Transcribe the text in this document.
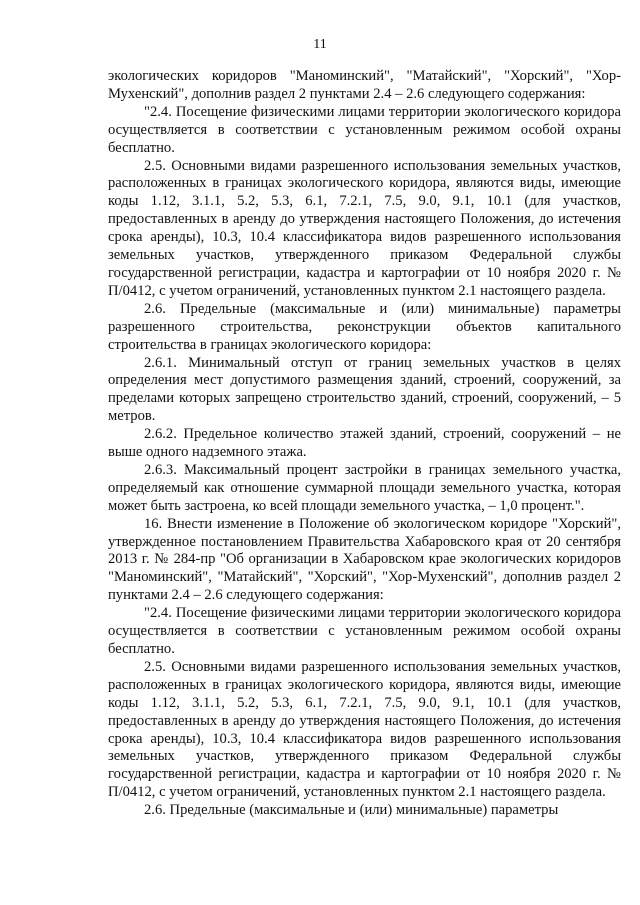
11

экологических коридоров "Маноминский", "Матайский", "Хорский", "Хор-Мухенский", дополнив раздел 2 пунктами 2.4 – 2.6 следующего содержания:

"2.4. Посещение физическими лицами территории экологического коридора осуществляется в соответствии с установленным режимом особой охраны бесплатно.

2.5. Основными видами разрешенного использования земельных участков, расположенных в границах экологического коридора, являются виды, имеющие коды 1.12, 3.1.1, 5.2, 5.3, 6.1, 7.2.1, 7.5, 9.0, 9.1, 10.1 (для участков, предоставленных в аренду до утверждения настоящего Положения, до истечения срока аренды), 10.3, 10.4 классификатора видов разрешенного использования земельных участков, утвержденного приказом Федеральной службы государственной регистрации, кадастра и картографии от 10 ноября 2020 г. № П/0412, с учетом ограничений, установленных пунктом 2.1 настоящего раздела.

2.6. Предельные (максимальные и (или) минимальные) параметры разрешенного строительства, реконструкции объектов капитального строительства в границах экологического коридора:

2.6.1. Минимальный отступ от границ земельных участков в целях определения мест допустимого размещения зданий, строений, сооружений, за пределами которых запрещено строительство зданий, строений, сооружений, – 5 метров.

2.6.2. Предельное количество этажей зданий, строений, сооружений – не выше одного надземного этажа.

2.6.3. Максимальный процент застройки в границах земельного участка, определяемый как отношение суммарной площади земельного участка, которая может быть застроена, ко всей площади земельного участка, – 1,0 процент.".

16. Внести изменение в Положение об экологическом коридоре "Хорский", утвержденное постановлением Правительства Хабаровского края от 20 сентября 2013 г. № 284-пр "Об организации в Хабаровском крае экологических коридоров "Маноминский", "Матайский", "Хорский", "Хор-Мухенский", дополнив раздел 2 пунктами 2.4 – 2.6 следующего содержания:

"2.4. Посещение физическими лицами территории экологического коридора осуществляется в соответствии с установленным режимом особой охраны бесплатно.

2.5. Основными видами разрешенного использования земельных участков, расположенных в границах экологического коридора, являются виды, имеющие коды 1.12, 3.1.1, 5.2, 5.3, 6.1, 7.2.1, 7.5, 9.0, 9.1, 10.1 (для участков, предоставленных в аренду до утверждения настоящего Положения, до истечения срока аренды), 10.3, 10.4 классификатора видов разрешенного использования земельных участков, утвержденного приказом Федеральной службы государственной регистрации, кадастра и картографии от 10 ноября 2020 г. № П/0412, с учетом ограничений, установленных пунктом 2.1 настоящего раздела.

2.6. Предельные (максимальные и (или) минимальные) параметры
